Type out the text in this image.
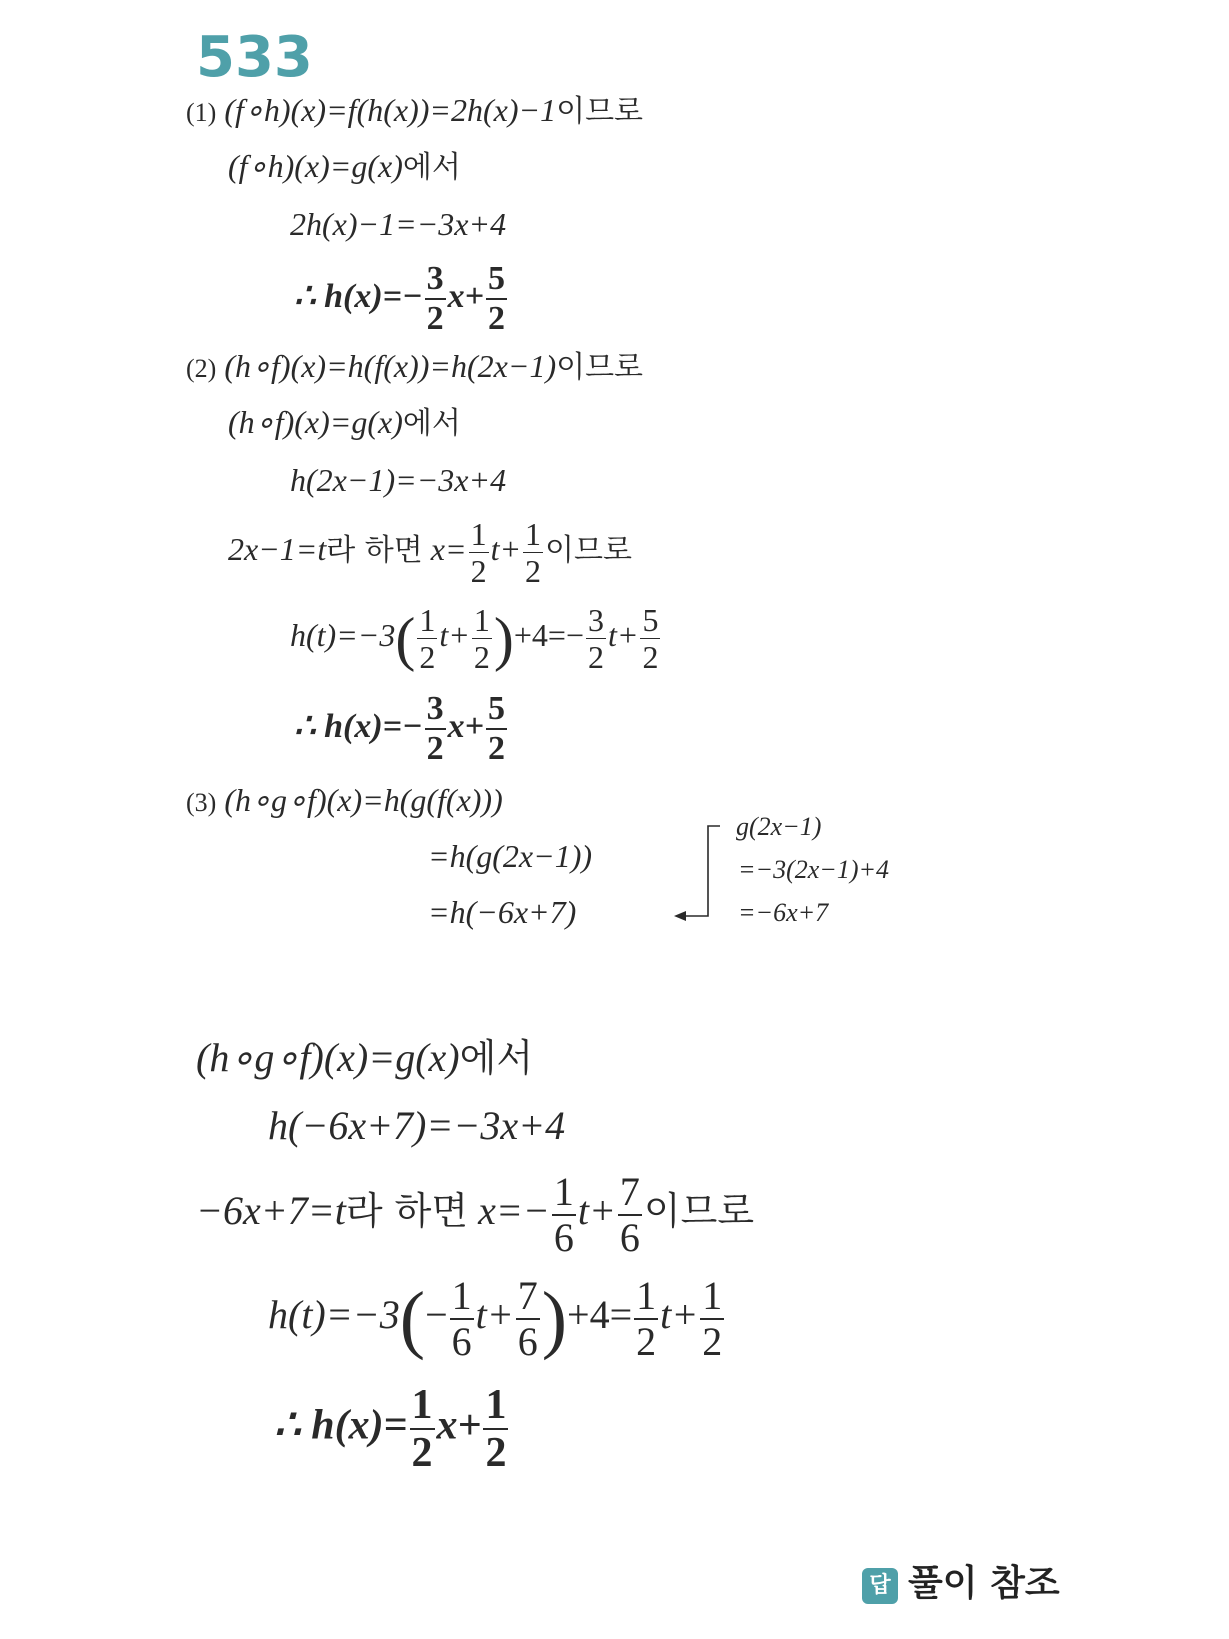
533
(1) (f∘h)(x)=f(h(x))=2h(x)−1이므로
(f∘h)(x)=g(x)에서
2h(x)−1=−3x+4
∴ $h(x)=- \frac{3}{2} x+ \frac{5}{2}$
(2) (h∘f)(x)=h(f(x))=h(2x−1)이므로
(h∘f)(x)=g(x)에서
h(2x−1)=−3x+4
2x−1=t라 하면 $x= \frac{1}{2} t+ \frac{1}{2}$ 이므로
$h(t)=-3( \frac{1}{2} t+ \frac{1}{2} )+4=- \frac{3}{2} t+ \frac{5}{2}$
∴ $h(x)=- \frac{3}{2} x+ \frac{5}{2}$
(3) (h∘g∘f)(x)=h(g(f(x)))
=h(g(2x−1))
=h(−6x+7)
g(2x−1)
=−3(2x−1)+4
=−6x+7
(h∘g∘f)(x)=g(x)에서
h(−6x+7)=−3x+4
−6x+7=t라 하면 $x=- \frac{1}{6} t+ \frac{7}{6}$ 이므로
$h(t)=-3(- \frac{1}{6} t+ \frac{7}{6} )+4= \frac{1}{2} t+ \frac{1}{2}$
∴ $h(x)= \frac{1}{2} x+ \frac{1}{2}$
답 풀이 참조
